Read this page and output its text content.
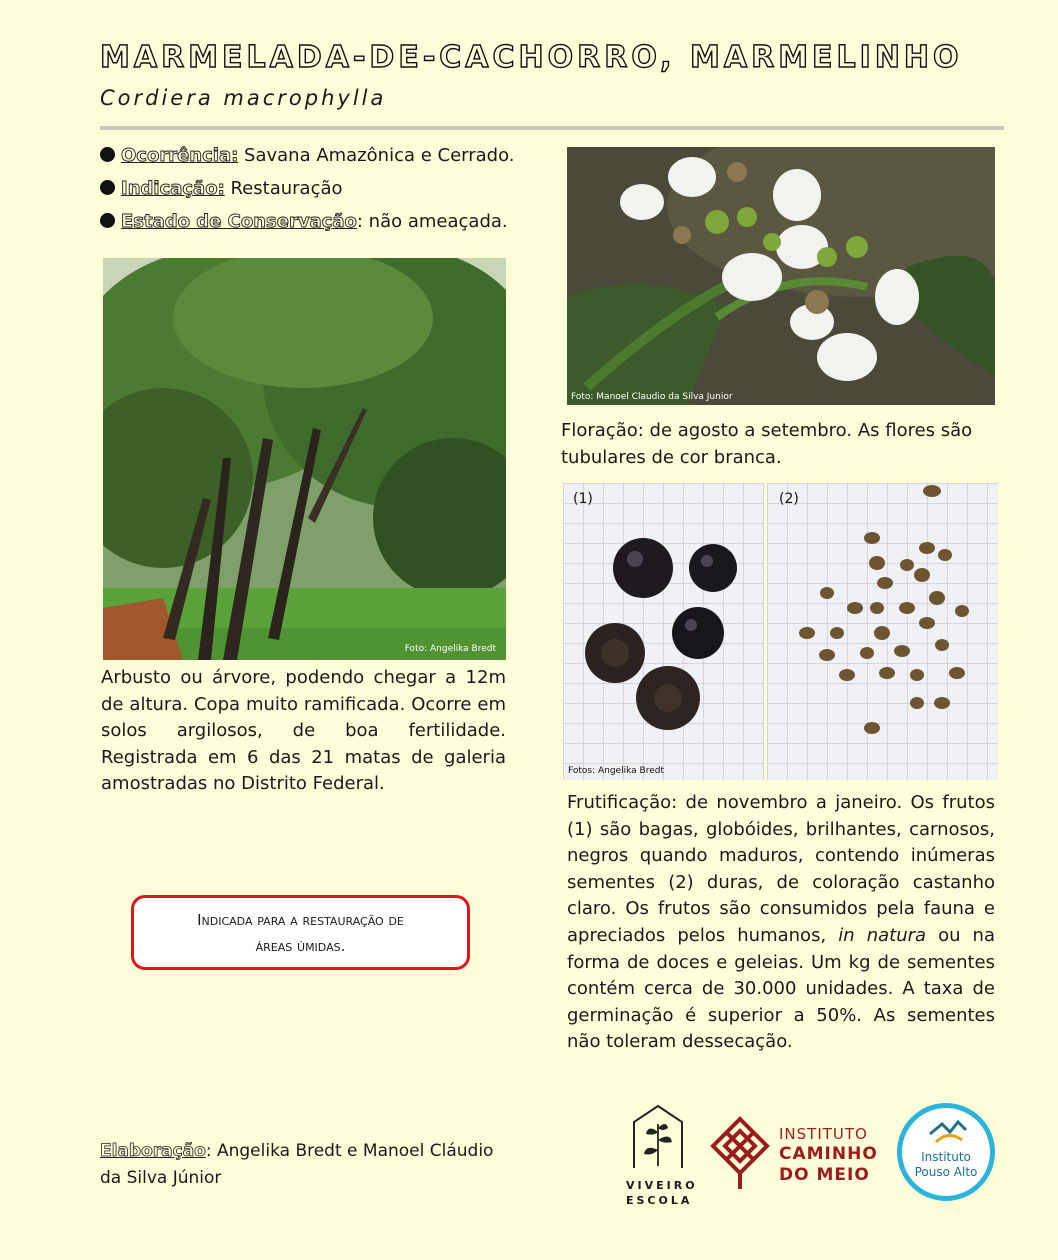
MARMELADA-DE-CACHORRO, MARMELINHO

Cordiera macrophylla

Ocorrência: Savana Amazônica e Cerrado.
Indicação: Restauração
Estado de Conservação: não ameaçada.
Foto: Angelika Bredt
Foto: Manoel Claudio da Silva Junior
Floração: de agosto a setembro. As flores são tubulares de cor branca.
(1)
Fotos: Angelika Bredt
(2)
Arbusto ou árvore, podendo chegar a 12m de altura. Copa muito ramificada. Ocorre em solos argilosos, de boa fertilidade. Registrada em 6 das 21 matas de galeria amostradas no Distrito Federal.
Frutificação: de novembro a janeiro. Os frutos (1) são bagas, globóides, brilhantes, carnosos, negros quando maduros, contendo inúmeras sementes (2) duras, de coloração castanho claro. Os frutos são consumidos pela fauna e apreciados pelos humanos, in natura ou na forma de doces e geleias. Um kg de sementes contém cerca de 30.000 unidades. A taxa de germinação é superior a 50%. As sementes não toleram dessecação.
Indicada para a restauração de
áreas úmidas.
Elaboração: Angelika Bredt e Manoel Cláudio da Silva Júnior	VIVEIRO
ESCOLA
INSTITUTO
CAMINHO
DO MEIO
Instituto
Pouso Alto
